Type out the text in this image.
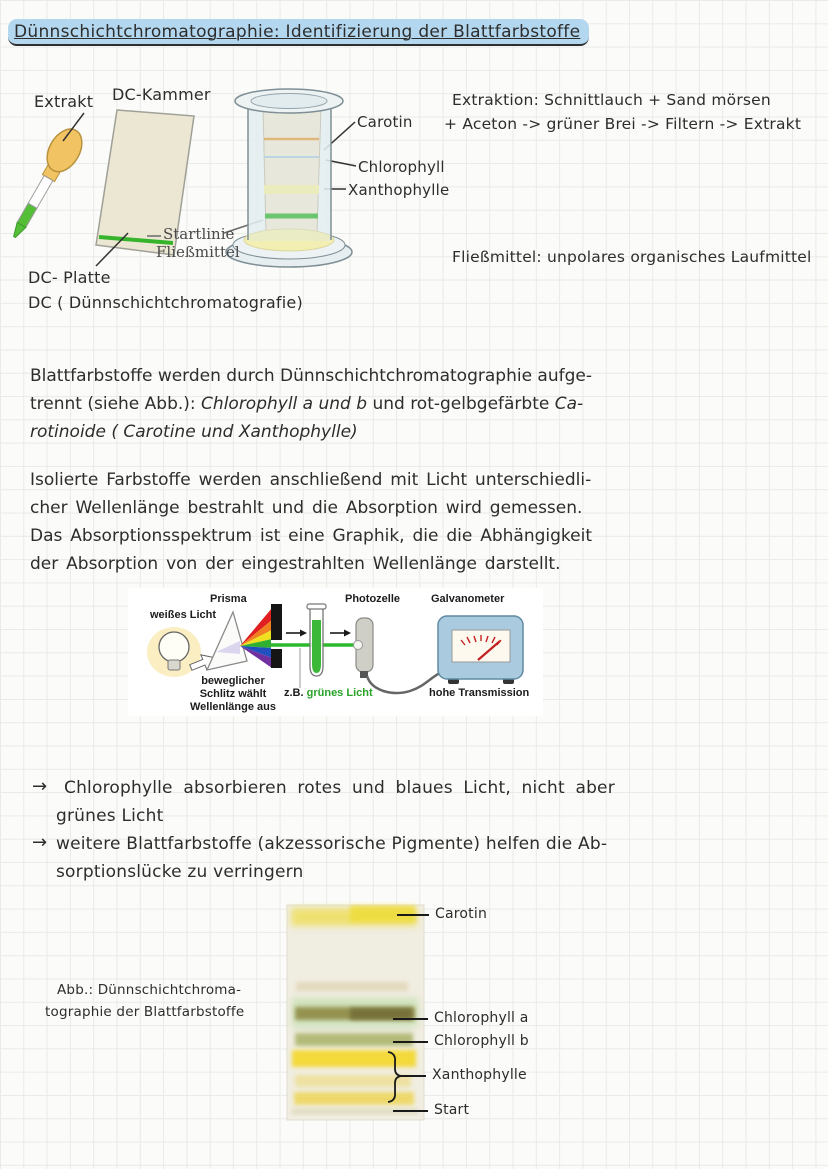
Dünnschichtchromatographie: Identifizierung der Blattfarbstoffe
Extrakt DC-Kammer
Carotin
Chlorophyll
Xanthophylle
Startlinie
Fließmittel
DC- Platte
DC ( Dünnschichtchromatografie)
Extraktion: Schnittlauch + Sand mörsen
+ Aceton -> grüner Brei -> Filtern -> Extrakt
Fließmittel: unpolares organisches Laufmittel
Blattfarbstoffe werden durch Dünnschichtchromatographie aufge-
trennt (siehe Abb.): Chlorophyll a und b und rot-gelbgefärbte Ca-
rotinoide ( Carotine und Xanthophylle)
Isolierte Farbstoffe werden anschließend mit Licht unterschiedli-
cher Wellenlänge bestrahlt und die Absorption wird gemessen.
Das Absorptionsspektrum ist eine Graphik, die die Abhängigkeit
der Absorption von der eingestrahlten Wellenlänge darstellt.
weißes Licht
Prisma
beweglicher
Schlitz wählt
Wellenlänge aus
z.B. grünes Licht
Photozelle	Galvanometer
hohe Transmission
→ Chlorophylle absorbieren rotes und blaues Licht, nicht aber
grünes Licht
→ weitere Blattfarbstoffe (akzessorische Pigmente) helfen die Ab-
sorptionslücke zu verringern
Abb.: Dünnschichtchroma-
tographie der Blattfarbstoffe
Carotin
Chlorophyll a
Chlorophyll b
Xanthophylle
Start
